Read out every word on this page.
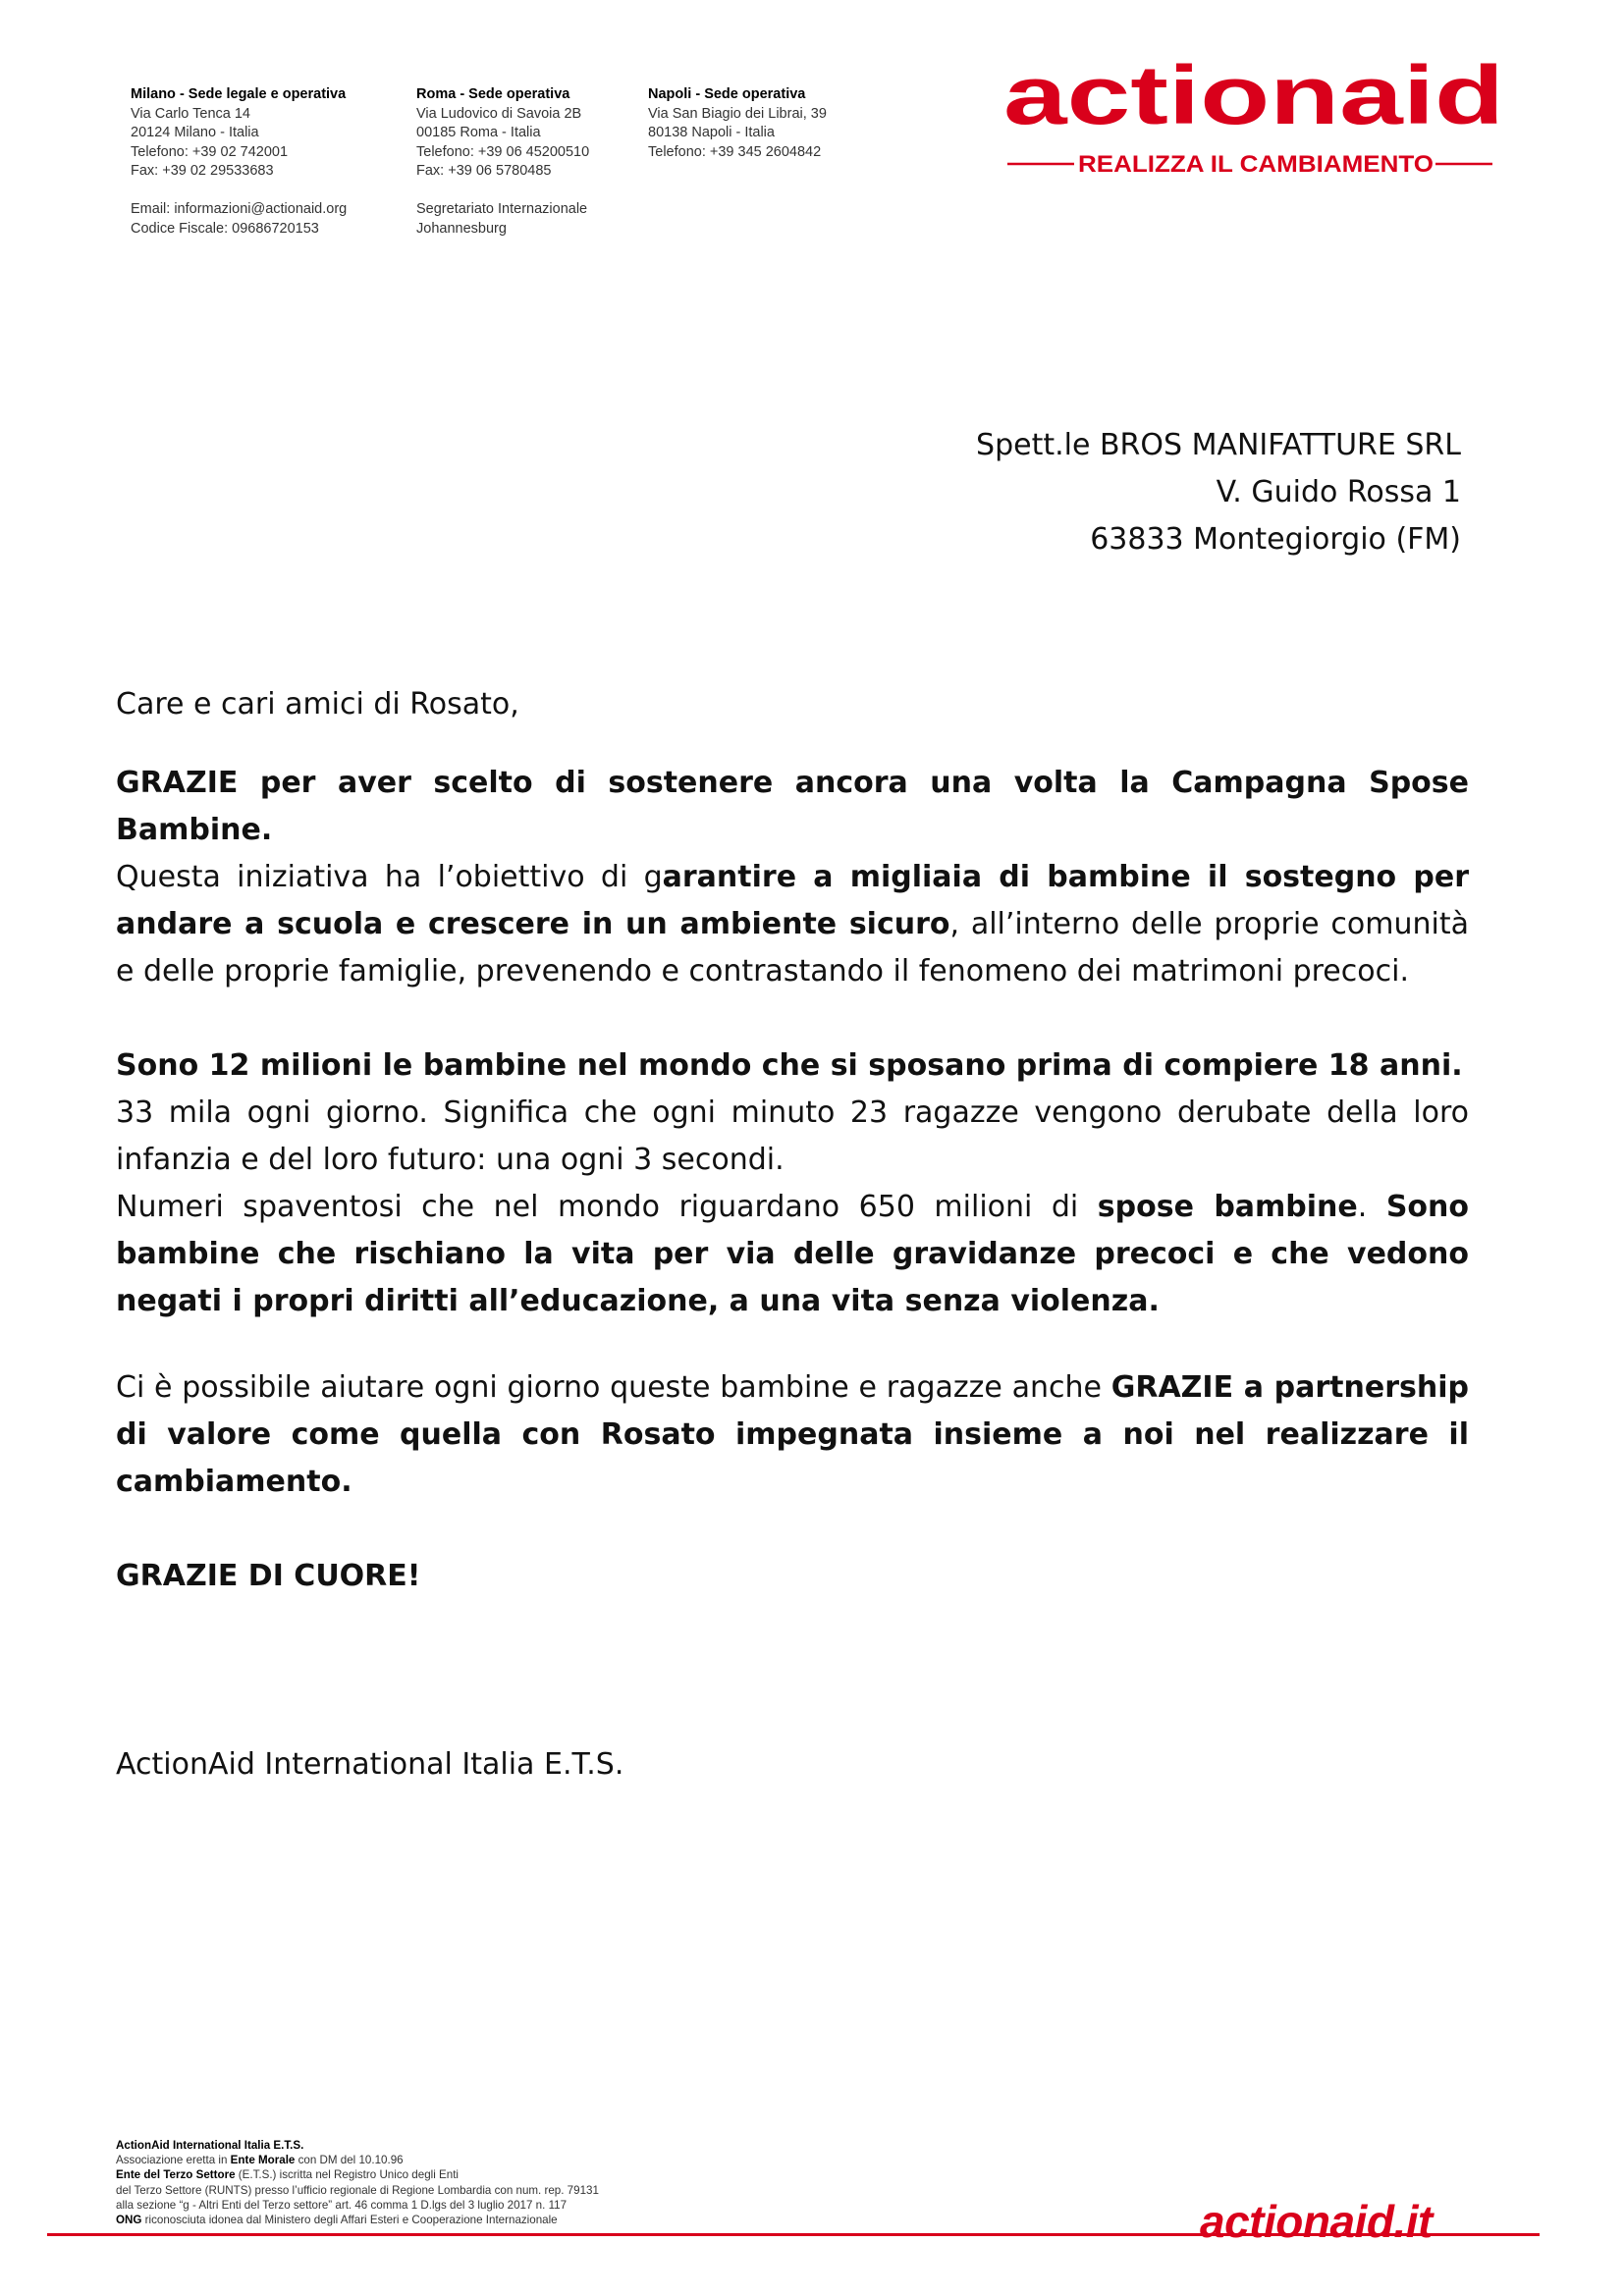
Milano - Sede legale e operativa
Via Carlo Tenca 14
20124 Milano - Italia
Telefono: +39 02 742001
Fax: +39 02 29533683
Email: informazioni@actionaid.org
Codice Fiscale: 09686720153
Roma - Sede operativa
Via Ludovico di Savoia 2B
00185 Roma - Italia
Telefono: +39 06 45200510
Fax: +39 06 5780485
Segretariato Internazionale
Johannesburg
Napoli - Sede operativa
Via San Biagio dei Librai, 39
80138 Napoli - Italia
Telefono: +39 345 2604842
actionaid
REALIZZA IL CAMBIAMENTO
Spett.le BROS MANIFATTURE SRL
V. Guido Rossa 1
63833 Montegiorgio (FM)

Care e cari amici di Rosato,

GRAZIE per aver scelto di sostenere ancora una volta la Campagna Spose Bambine.

Questa iniziativa ha l’obiettivo di garantire a migliaia di bambine il sostegno per andare a scuola e crescere in un ambiente sicuro, all’interno delle proprie comunità e delle proprie famiglie, prevenendo e contrastando il fenomeno dei matrimoni precoci.

Sono 12 milioni le bambine nel mondo che si sposano prima di compiere 18 anni.
33 mila ogni giorno. Significa che ogni minuto 23 ragazze vengono derubate della loro infanzia e del loro futuro: una ogni 3 secondi.
Numeri spaventosi che nel mondo riguardano 650 milioni di spose bambine. Sono bambine che rischiano la vita per via delle gravidanze precoci e che vedono negati i propri diritti all’educazione, a una vita senza violenza.

Ci è possibile aiutare ogni giorno queste bambine e ragazze anche GRAZIE a partnership di valore come quella con Rosato impegnata insieme a noi nel realizzare il cambiamento.

GRAZIE DI CUORE!

ActionAid International Italia E.T.S.

ActionAid International Italia E.T.S.
Associazione eretta in Ente Morale con DM del 10.10.96
Ente del Terzo Settore (E.T.S.) iscritta nel Registro Unico degli Enti
del Terzo Settore (RUNTS) presso l’ufficio regionale di Regione Lombardia con num. rep. 79131
alla sezione “g - Altri Enti del Terzo settore” art. 46 comma 1 D.lgs del 3 luglio 2017 n. 117
ONG riconosciuta idonea dal Ministero degli Affari Esteri e Cooperazione Internazionale	actionaid.it
